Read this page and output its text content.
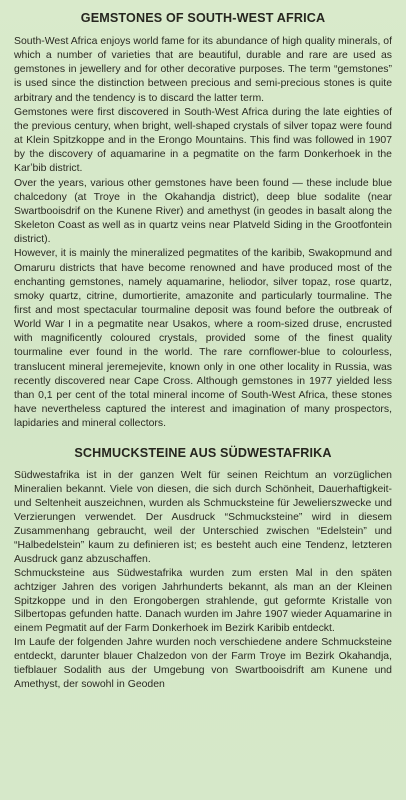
GEMSTONES OF SOUTH-WEST AFRICA

South-West Africa enjoys world fame for its abundance of high quality minerals, of which a number of varieties that are beautiful, durable and rare are used as gemstones in jewellery and for other decorative purposes. The term “gemstones” is used since the distinction between precious and semi-precious stones is quite arbitrary and the tendency is to discard the latter term.

Gemstones were first discovered in South-West Africa during the late eighties of the previous century, when bright, well-shaped crystals of silver topaz were found at Klein Spitzkoppe and in the Erongo Mountains. This find was followed in 1907 by the discovery of aquamarine in a pegmatite on the farm Donkerhoek in the Karʼbib district.

Over the years, various other gemstones have been found — these include blue chalcedony (at Troye in the Okahandja district), deep blue sodalite (near Swartbooisdrif on the Kunene River) and amethyst (in geodes in basalt along the Skeleton Coast as well as in quartz veins near Platveld Siding in the Grootfontein district).

However, it is mainly the mineralized pegmatites of the karibib, Swakopmund and Omaruru districts that have become renowned and have produced most of the enchanting gemstones, namely aquamarine, heliodor, silver topaz, rose quartz, smoky quartz, citrine, dumortierite, amazonite and particularly tourmaline. The first and most spectacular tourmaline deposit was found before the outbreak of World War I in a pegmatite near Usakos, where a room-sized druse, encrusted with magnificently coloured crystals, provided some of the finest quality tourmaline ever found in the world. The rare cornflower-blue to colourless, translucent mineral jeremejevite, known only in one other locality in Russia, was recently discovered near Cape Cross. Although gemstones in 1977 yielded less than 0,1 per cent of the total mineral income of South-West Africa, these stones have nevertheless captured the interest and imagination of many prospectors, lapidaries and mineral collectors.

SCHMUCKSTEINE AUS SÜDWESTAFRIKA

Südwestafrika ist in der ganzen Welt für seinen Reichtum an vorzüglichen Mineralien bekannt. Viele von diesen, die sich durch Schönheit, Dauerhaftigkeit- und Seltenheit auszeichnen, wurden als Schmucksteine für Jewelierszwecke und Verzierungen verwendet. Der Ausdruck “Schmucksteine” wird in diesem Zusammenhang gebraucht, weil der Unterschied zwischen “Edelstein” und “Halbedelstein” kaum zu definieren ist; es besteht auch eine Tendenz, letzteren Ausdruck ganz abzuschaffen.

Schmucksteine aus Südwestafrika wurden zum ersten Mal in den späten achtziger Jahren des vorigen Jahrhunderts bekannt, als man an der Kleinen Spitzkoppe und in den Erongobergen strahlende, gut geformte Kristalle von Silbertopas gefunden hatte. Danach wurden im Jahre 1907 wieder Aquamarine in einem Pegmatit auf der Farm Donkerhoek im Bezirk Karibib entdeckt.

Im Laufe der folgenden Jahre wurden noch verschiedene andere Schmucksteine entdeckt, darunter blauer Chalzedon von der Farm Troye im Bezirk Okahandja, tiefblauer Sodalith aus der Umgebung von Swartbooisdrift am Kunene und Amethyst, der sowohl in Geoden
